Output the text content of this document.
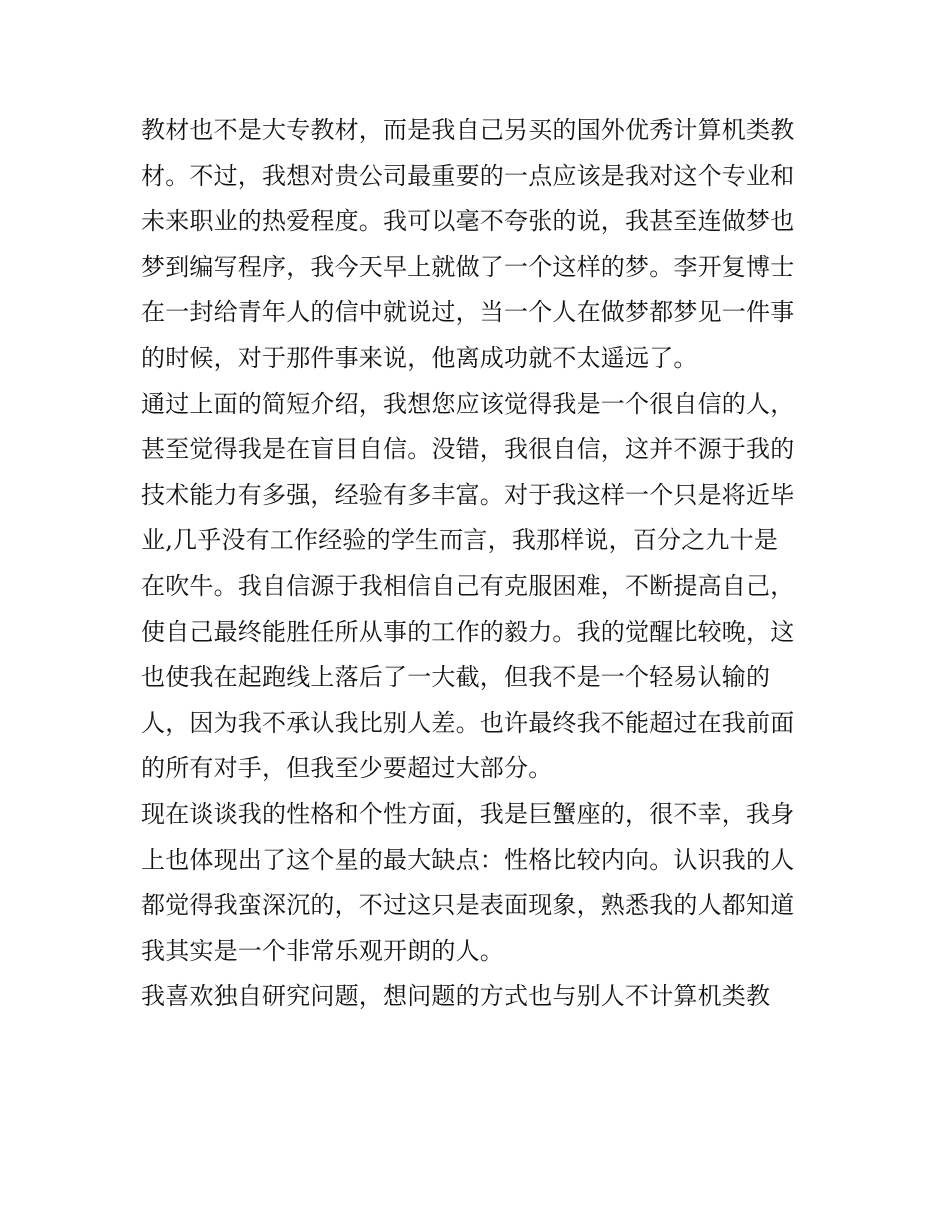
教材也不是大专教材，而是我自己另买的国外优秀计算机类教
材。不过，我想对贵公司最重要的一点应该是我对这个专业和
未来职业的热爱程度。我可以毫不夸张的说，我甚至连做梦也
梦到编写程序，我今天早上就做了一个这样的梦。李开复博士
在一封给青年人的信中就说过，当一个人在做梦都梦见一件事
的时候，对于那件事来说，他离成功就不太遥远了。
通过上面的简短介绍，我想您应该觉得我是一个很自信的人，
甚至觉得我是在盲目自信。没错，我很自信，这并不源于我的
技术能力有多强，经验有多丰富。对于我这样一个只是将近毕
业,几乎没有工作经验的学生而言，我那样说，百分之九十是
在吹牛。我自信源于我相信自己有克服困难，不断提高自己，
使自己最终能胜任所从事的工作的毅力。我的觉醒比较晚，这
也使我在起跑线上落后了一大截，但我不是一个轻易认输的
人，因为我不承认我比别人差。也许最终我不能超过在我前面
的所有对手，但我至少要超过大部分。
现在谈谈我的性格和个性方面，我是巨蟹座的，很不幸，我身
上也体现出了这个星的最大缺点：性格比较内向。认识我的人
都觉得我蛮深沉的，不过这只是表面现象，熟悉我的人都知道
我其实是一个非常乐观开朗的人。
我喜欢独自研究问题，想问题的方式也与别人不计算机类教
